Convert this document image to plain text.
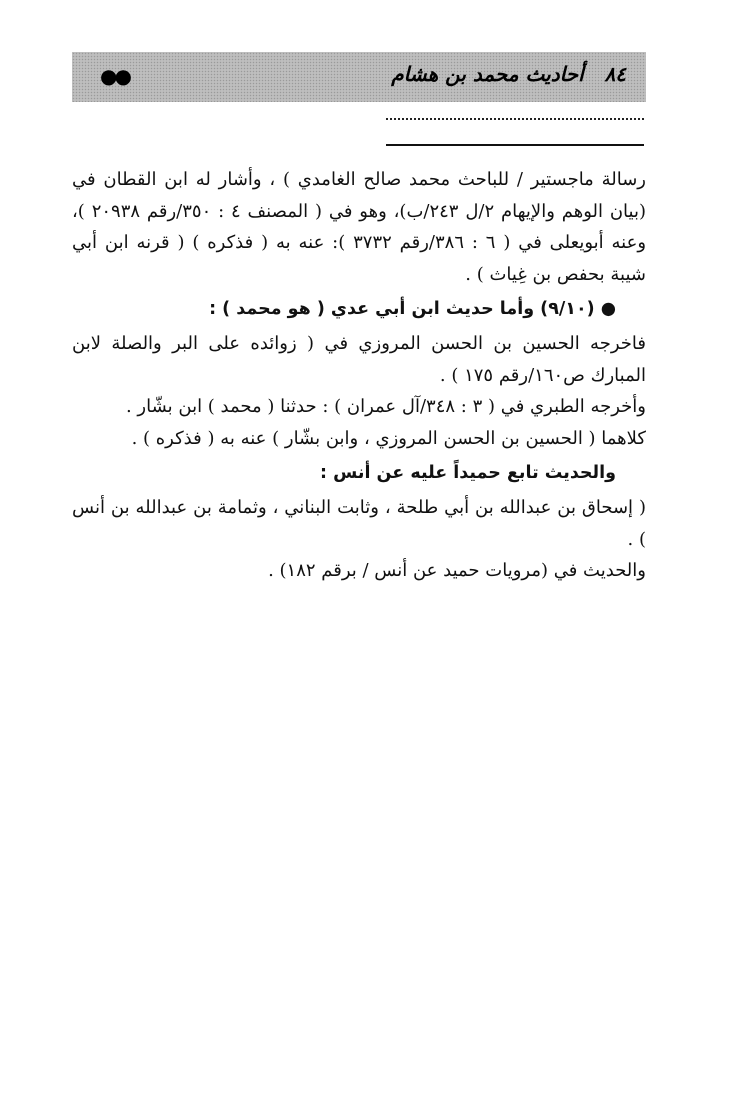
٨٤   أحاديث محمد بن هشام
●●

رسالة ماجستير / للباحث محمد صالح الغامدي ) ، وأشار له ابن القطان في (بيان الوهم والإيهام ٢/ل ٢٤٣/ب)، وهو في ( المصنف ٤ : ٣٥٠/رقم ٢٠٩٣٨ )، وعنه أبويعلى في ( ٦ : ٣٨٦/رقم ٣٧٣٢ ): عنه به ( فذكره ) ( قرنه ابن أبي شيبة بحفص بن غِياث ) .

● (٩/١٠) وأما حديث ابن أبي عدي ( هو محمد ) :

فاخرجه الحسين بن الحسن المروزي في ( زوائده على البر والصلة لابن المبارك ص١٦٠/رقم ١٧٥ ) .

وأخرجه الطبري في ( ٣ : ٣٤٨/آل عمران ) : حدثنا ( محمد ) ابن بشّار .

كلاهما ( الحسين بن الحسن المروزي ، وابن بشّار ) عنه به ( فذكره ) .

والحديث تابع حميداً عليه عن أنس :

( إسحاق بن عبدالله بن أبي طلحة ، وثابت البناني ، وثمامة بن عبدالله بن أنس ) .

والحديث في (مرويات حميد عن أنس / برقم ١٨٢) .
